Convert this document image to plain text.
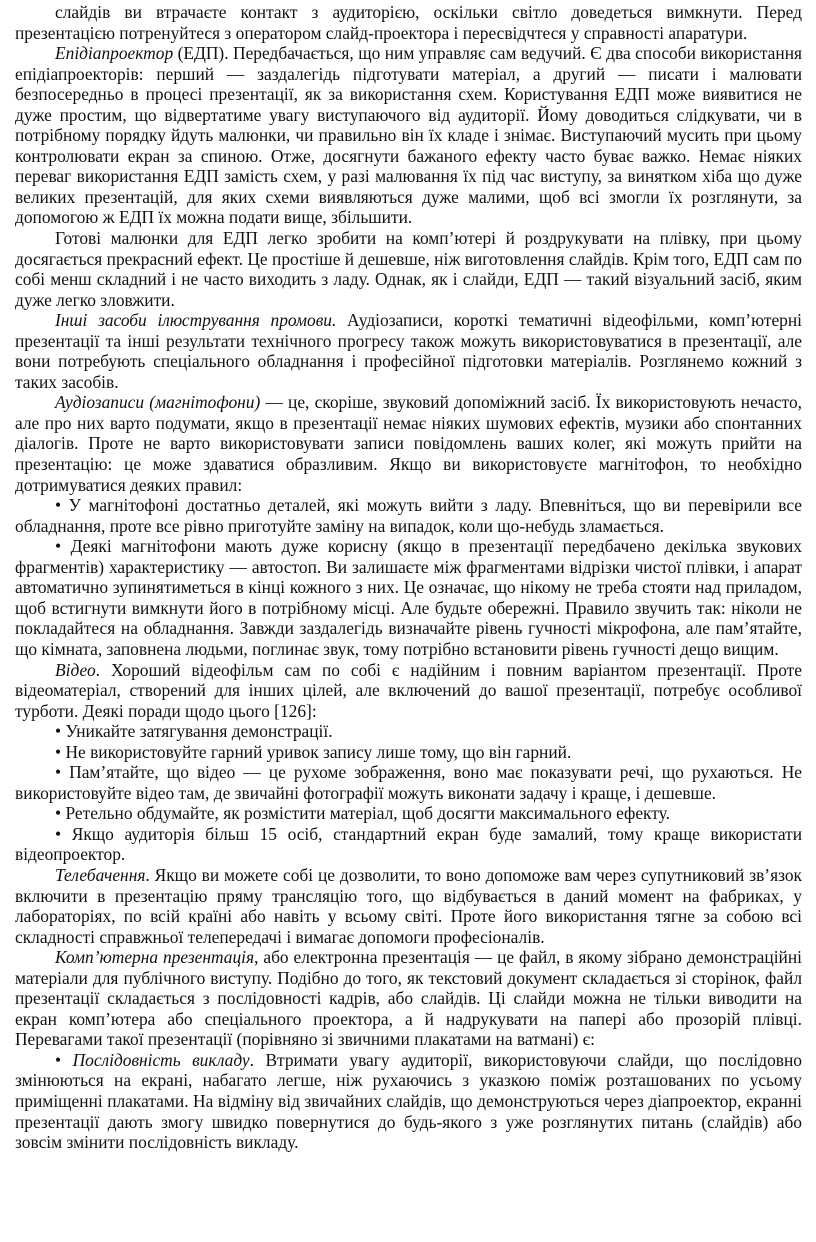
слайдів ви втрачаєте контакт з аудиторією, оскільки світло доведеться вимкнути. Перед презентацією потренуйтеся з оператором слайд-проектора і пересвідчтеся у справності апаратури.

Епідіапроектор (ЕДП). Передбачається, що ним управляє сам ведучий. Є два способи використання епідіапроекторів: перший — заздалегідь підготувати матеріал, а другий — писати і малювати безпосередньо в процесі презентації, як за використання схем. Користування ЕДП може виявитися не дуже простим, що відвертатиме увагу виступаючого від аудиторії. Йому доводиться слідкувати, чи в потрібному порядку йдуть малюнки, чи правильно він їх кладе і знімає. Виступаючий мусить при цьому контролювати екран за спиною. Отже, досягнути бажаного ефекту часто буває важко. Немає ніяких переваг використання ЕДП замість схем, у разі малювання їх під час виступу, за винятком хіба що дуже великих презентацій, для яких схеми виявляються дуже малими, щоб всі змогли їх розглянути, за допомогою ж ЕДП їх можна подати вище, збільшити.

Готові малюнки для ЕДП легко зробити на комп’ютері й роздрукувати на плівку, при цьому досягається прекрасний ефект. Це простіше й дешевше, ніж виготовлення слайдів. Крім того, ЕДП сам по собі менш складний і не часто виходить з ладу. Однак, як і слайди, ЕДП — такий візуальний засіб, яким дуже легко зловжити.

Інші засоби ілюстрування промови. Аудіозаписи, короткі тематичні відеофільми, комп’ютерні презентації та інші результати технічного прогресу також можуть використовуватися в презентації, але вони потребують спеціального обладнання і професійної підготовки матеріалів. Розглянемо кожний з таких засобів.

Аудіозаписи (магнітофони) — це, скоріше, звуковий допоміжний засіб. Їх використовують нечасто, але про них варто подумати, якщо в презентації немає ніяких шумових ефектів, музики або спонтанних діалогів. Проте не варто використовувати записи повідомлень ваших колег, які можуть прийти на презентацію: це може здаватися образливим. Якщо ви використовуєте магнітофон, то необхідно дотримуватися деяких правил:

• У магнітофоні достатньо деталей, які можуть вийти з ладу. Впевніться, що ви перевірили все обладнання, проте все рівно приготуйте заміну на випадок, коли що-небудь зламається.

• Деякі магнітофони мають дуже корисну (якщо в презентації передбачено декілька звукових фрагментів) характеристику — автостоп. Ви залишаєте між фрагментами відрізки чистої плівки, і апарат автоматично зупинятиметься в кінці кожного з них. Це означає, що нікому не треба стояти над приладом, щоб встигнути вимкнути його в потрібному місці. Але будьте обережні. Правило звучить так: ніколи не покладайтеся на обладнання. Завжди заздалегідь визначайте рівень гучності мікрофона, але пам’ятайте, що кімната, заповнена людьми, поглинає звук, тому потрібно встановити рівень гучності дещо вищим.

Відео. Хороший відеофільм сам по собі є надійним і повним варіантом презентації. Проте відеоматеріал, створений для інших цілей, але включений до вашої презентації, потребує особливої турботи. Деякі поради щодо цього [126]:

• Уникайте затягування демонстрації.

• Не використовуйте гарний уривок запису лише тому, що він гарний.

• Пам’ятайте, що відео — це рухоме зображення, воно має показувати речі, що рухаються. Не використовуйте відео там, де звичайні фотографії можуть виконати задачу і краще, і дешевше.

• Ретельно обдумайте, як розмістити матеріал, щоб досягти максимального ефекту.

• Якщо аудиторія більш 15 осіб, стандартний екран буде замалий, тому краще використати відеопроектор.

Телебачення. Якщо ви можете собі це дозволити, то воно допоможе вам через супутниковий зв’язок включити в презентацію пряму трансляцію того, що відбувається в даний момент на фабриках, у лабораторіях, по всій країні або навіть у всьому світі. Проте його використання тягне за собою всі складності справжньої телепередачі і вимагає допомоги професіоналів.

Комп’ютерна презентація, або електронна презентація — це файл, в якому зібрано демонстраційні матеріали для публічного виступу. Подібно до того, як текстовий документ складається зі сторінок, файл презентації складається з послідовності кадрів, або слайдів. Ці слайди можна не тільки виводити на екран комп’ютера або спеціального проектора, а й надрукувати на папері або прозорій плівці. Перевагами такої презентації (порівняно зі звичними плакатами на ватмані) є:

• Послідовність викладу. Втримати увагу аудиторії, використовуючи слайди, що послідовно змінюються на екрані, набагато легше, ніж рухаючись з указкою поміж розташованих по усьому приміщенні плакатами. На відміну від звичайних слайдів, що демонструються через діапроектор, екранні презентації дають змогу швидко повернутися до будь-якого з уже розглянутих питань (слайдів) або зовсім змінити послідовність викладу.
